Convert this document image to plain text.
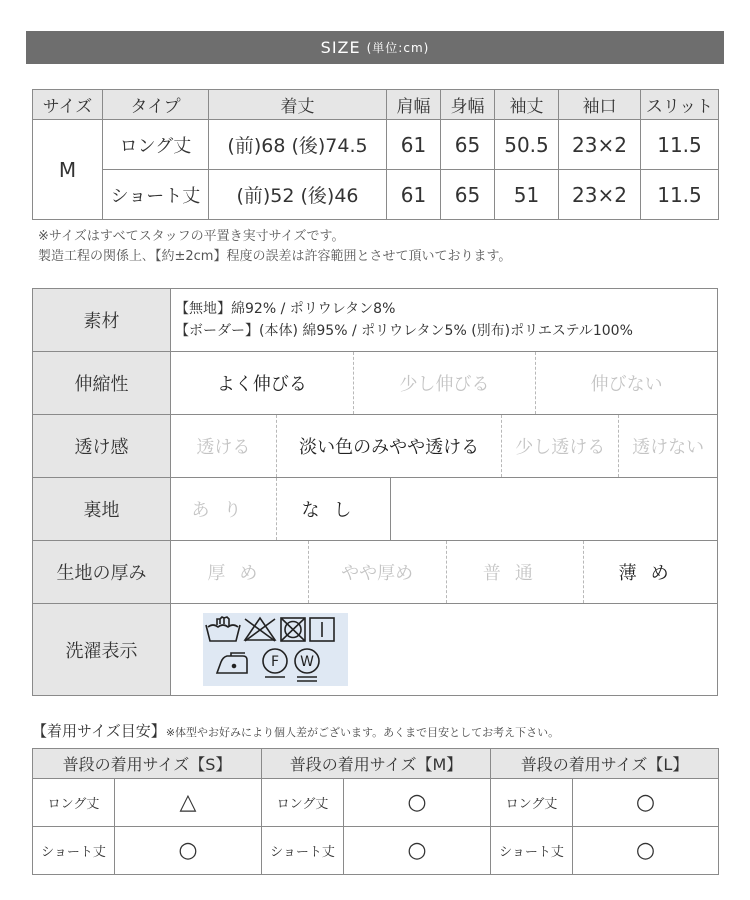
SIZE (単位:cm)
サイズ	タイプ	着丈	肩幅	身幅	袖丈	袖口	スリット
M	ロング丈	(前)68 (後)74.5	61	65	50.5	23×2	11.5
	ショート丈	(前)52 (後)46	61	65	51	23×2	11.5
※サイズはすべてスタッフの平置き実寸サイズです。
製造工程の関係上､【約±2cm】程度の誤差は許容範囲とさせて頂いております。
素材	【無地】綿92% / ポリウレタン8%
【ボーダー】(本体) 綿95% / ポリウレタン5% (別布)ポリエステル100%

伸縮性	よく伸びる 少し伸びる 伸びない

透け感	透ける 淡い色のみやや透ける 少し透ける 透けない

裏地	あり なし

生地の厚み	厚め やや厚め 普通 薄め

洗濯表示	F W
【着用サイズ目安】※体型やお好みにより個人差がございます。あくまで目安としてお考え下さい。
普段の着用サイズ【S】		普段の着用サイズ【M】		普段の着用サイズ【L】	
ロング丈	△	ロング丈	○	ロング丈	○
ショート丈	○	ショート丈	○	ショート丈	○
